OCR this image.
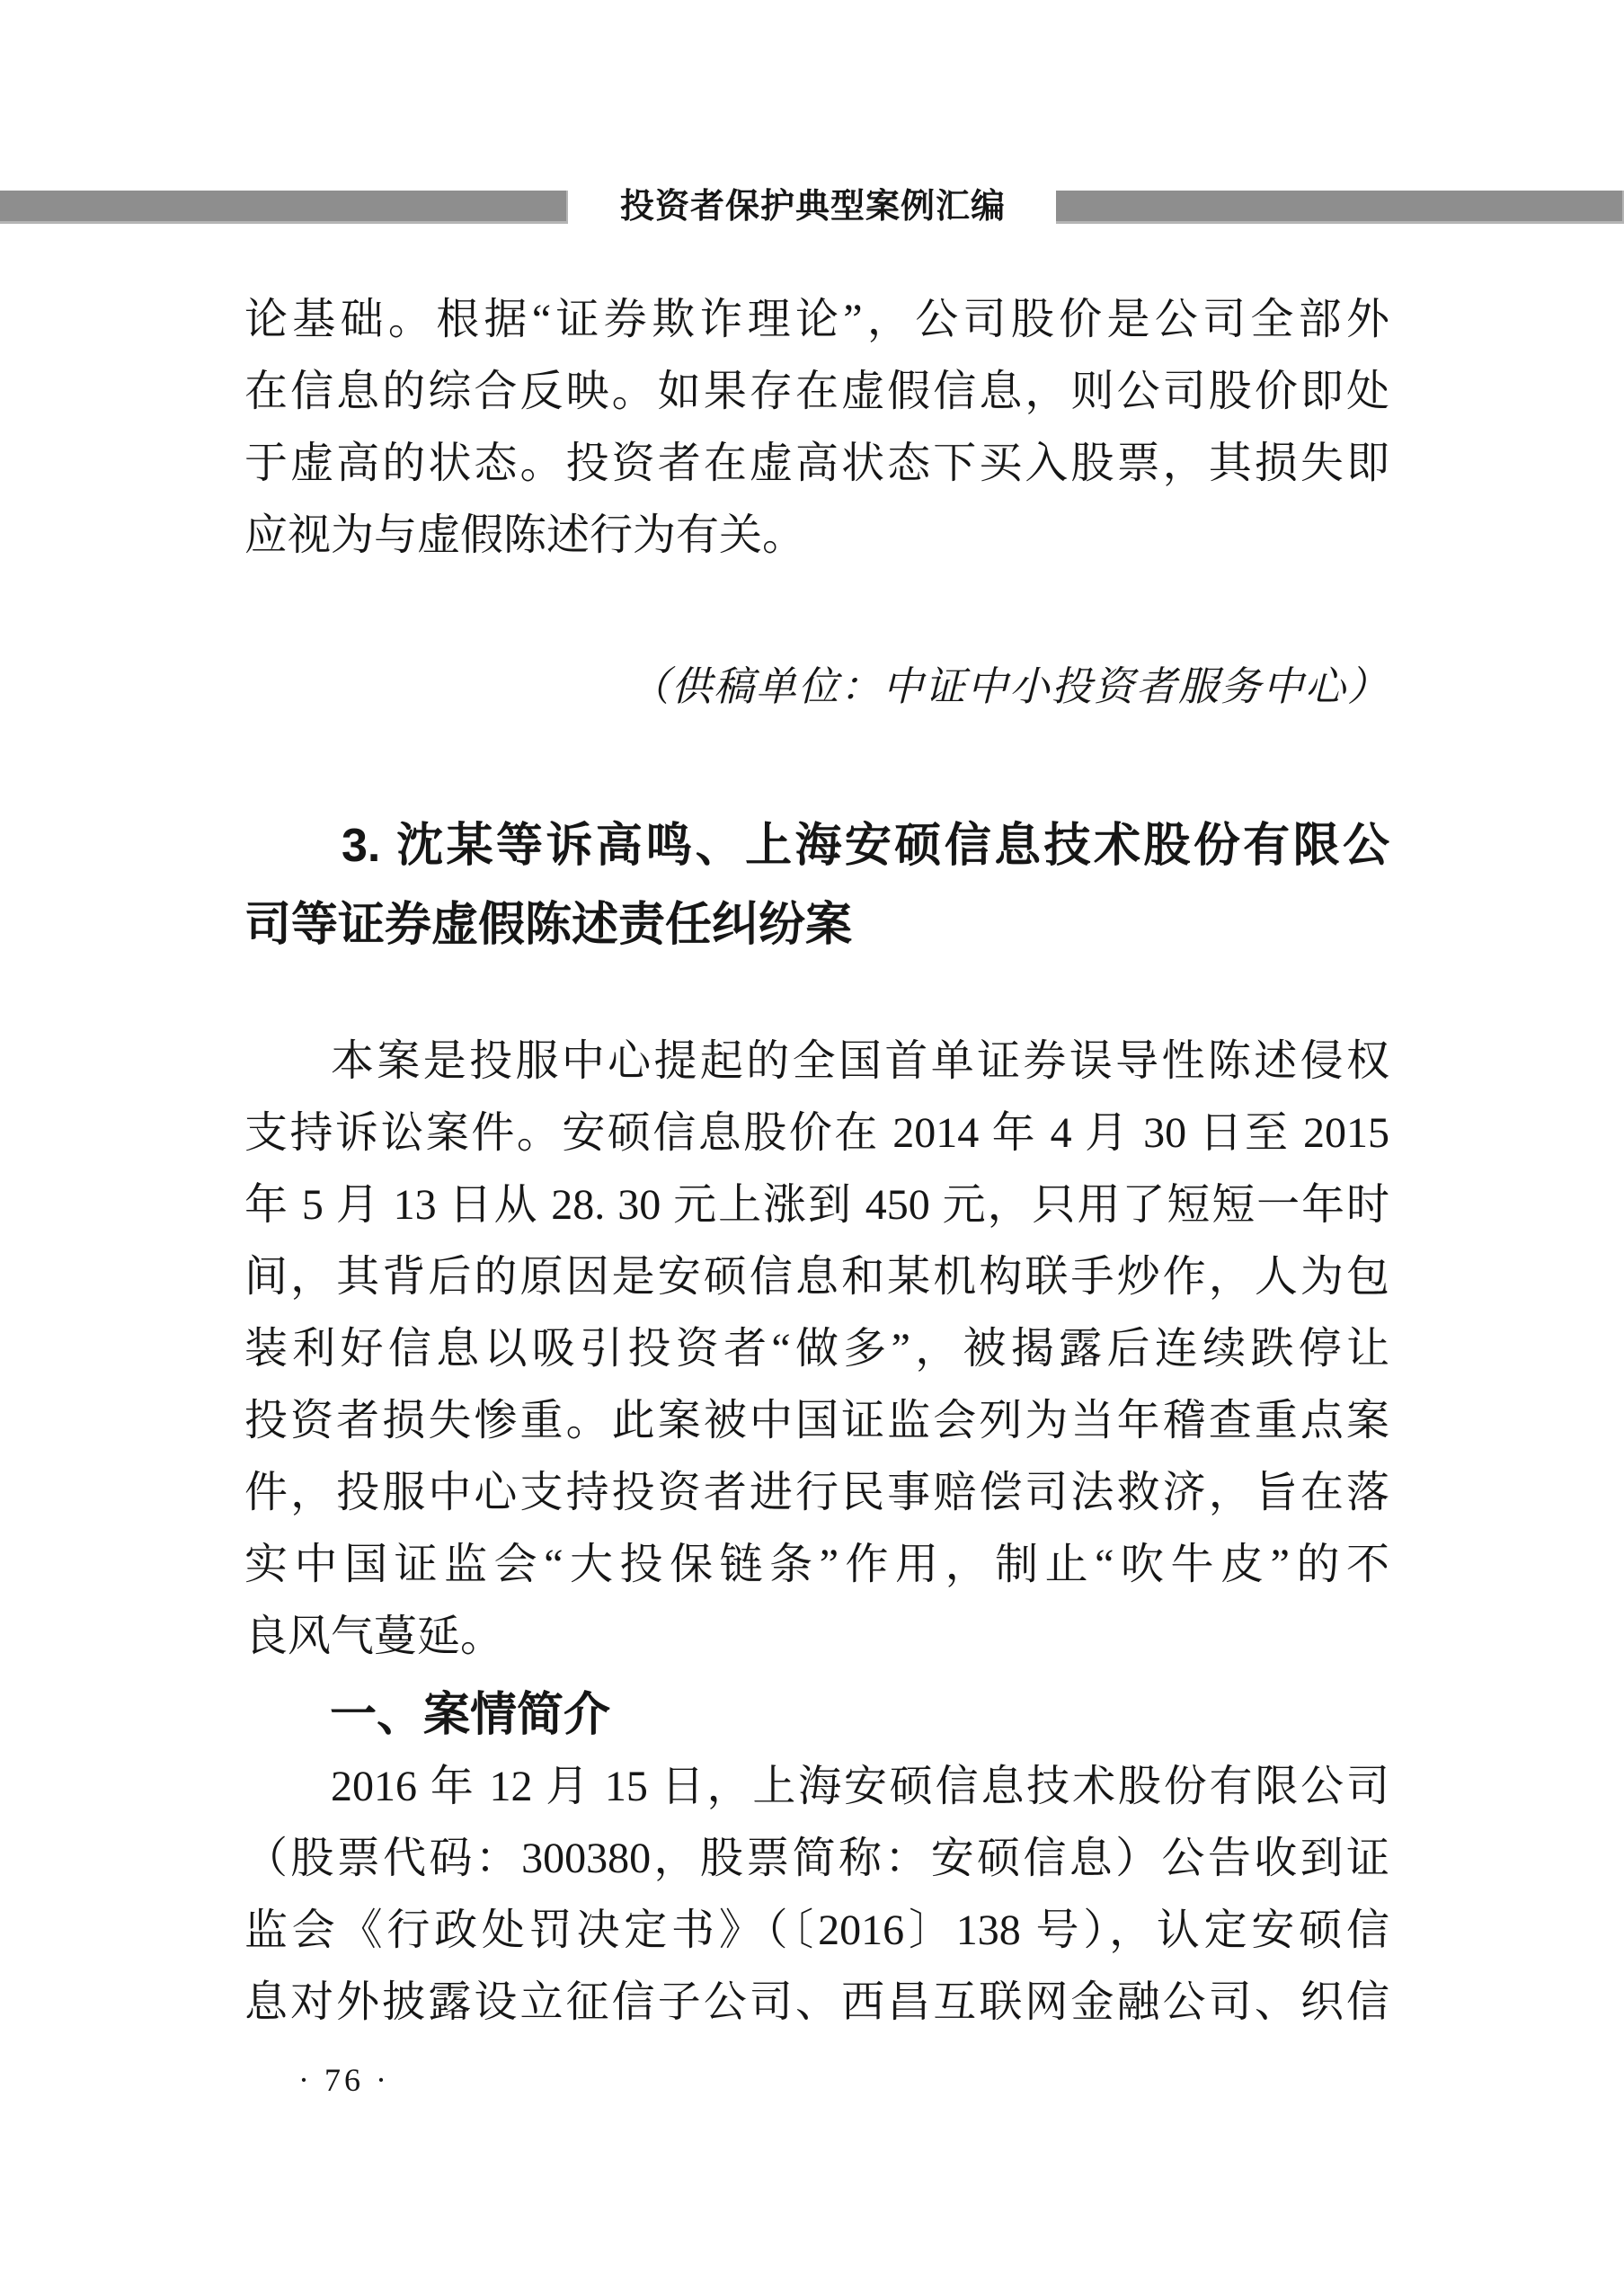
投资者保护典型案例汇编
论基础。根据“证券欺诈理论”，公司股价是公司全部外
在信息的综合反映。如果存在虚假信息，则公司股价即处
于虚高的状态。投资者在虚高状态下买入股票，其损失即
应视为与虚假陈述行为有关。
（供稿单位：中证中小投资者服务中心）
3. 沈某等诉高鸣、上海安硕信息技术股份有限公
司等证券虚假陈述责任纠纷案
本案是投服中心提起的全国首单证券误导性陈述侵权
支持诉讼案件。安硕信息股价在 2014 年 4 月 30 日至 2015
年 5 月 13 日从 28. 30 元上涨到 450 元，只用了短短一年时
间，其背后的原因是安硕信息和某机构联手炒作，人为包
装利好信息以吸引投资者“做多”，被揭露后连续跌停让
投资者损失惨重。此案被中国证监会列为当年稽查重点案
件，投服中心支持投资者进行民事赔偿司法救济，旨在落
实中国证监会“大投保链条”作用，制止“吹牛皮”的不
良风气蔓延。
一、案情简介
2016 年 12 月 15 日，上海安硕信息技术股份有限公司
（股票代码：300380，股票简称：安硕信息）公告收到证
监会《行政处罚决定书》（〔2016〕138 号），认定安硕信
息对外披露设立征信子公司、西昌互联网金融公司、织信
· 76 ·
